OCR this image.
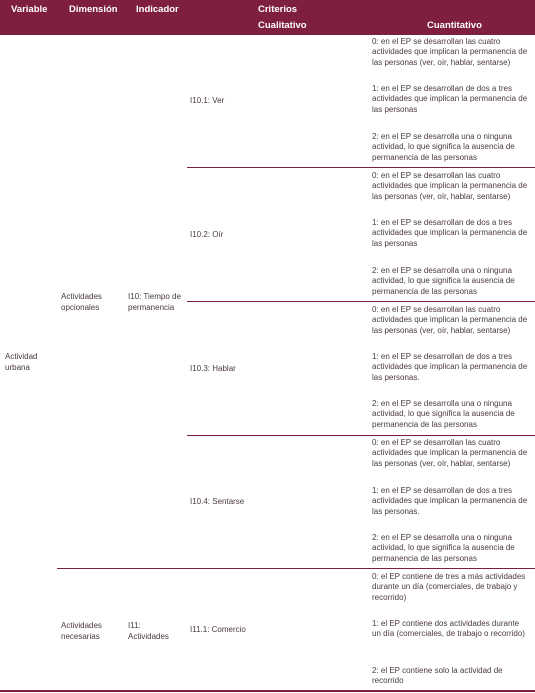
Variable Dimensión Indicador	Criterios
Cualitativo	Cuantitativo
Actividad urbana
Actividades opcionales
I10: Tiempo de permanencia
Actividades necesarias
I11: Actividades
I10.1: Ver
I10.2: Oír
I10.3: Hablar
I10.4: Sentarse
I11.1: Comercio
0: en el EP se desarrollan las cuatro actividades que implican la permanencia de las personas (ver, oír, hablar, sentarse)
1: en el EP se desarrollan de dos a tres actividades que implican la permanencia de las personas
2: en el EP se desarrolla una o ninguna actividad, lo que significa la ausencia de permanencia de las personas
0: en el EP se desarrollan las cuatro actividades que implican la permanencia de las personas (ver, oír, hablar, sentarse)
1: en el EP se desarrollan de dos a tres actividades que implican la permanencia de las personas
2: en el EP se desarrolla una o ninguna actividad, lo que significa la ausencia de permanencia de las personas
0: en el EP se desarrollan las cuatro actividades que implican la permanencia de las personas (ver, oír, hablar, sentarse)
1: en el EP se desarrollan de dos a tres actividades que implican la permanencia de las personas.
2: en el EP se desarrolla una o ninguna actividad, lo que significa la ausencia de permanencia de las personas
0: en el EP se desarrollan las cuatro actividades que implican la permanencia de las personas (ver, oír, hablar, sentarse)
1: en el EP se desarrollan de dos a tres actividades que implican la permanencia de las personas.
2: en el EP se desarrolla una o ninguna actividad, lo que significa la ausencia de permanencia de las personas
0: el EP contiene de tres a más actividades durante un día (comerciales, de trabajo y recorrido)
1: el EP contiene dos actividades durante un día (comerciales, de trabajo o recorrido)
2: el EP contiene solo la actividad de recorrido
